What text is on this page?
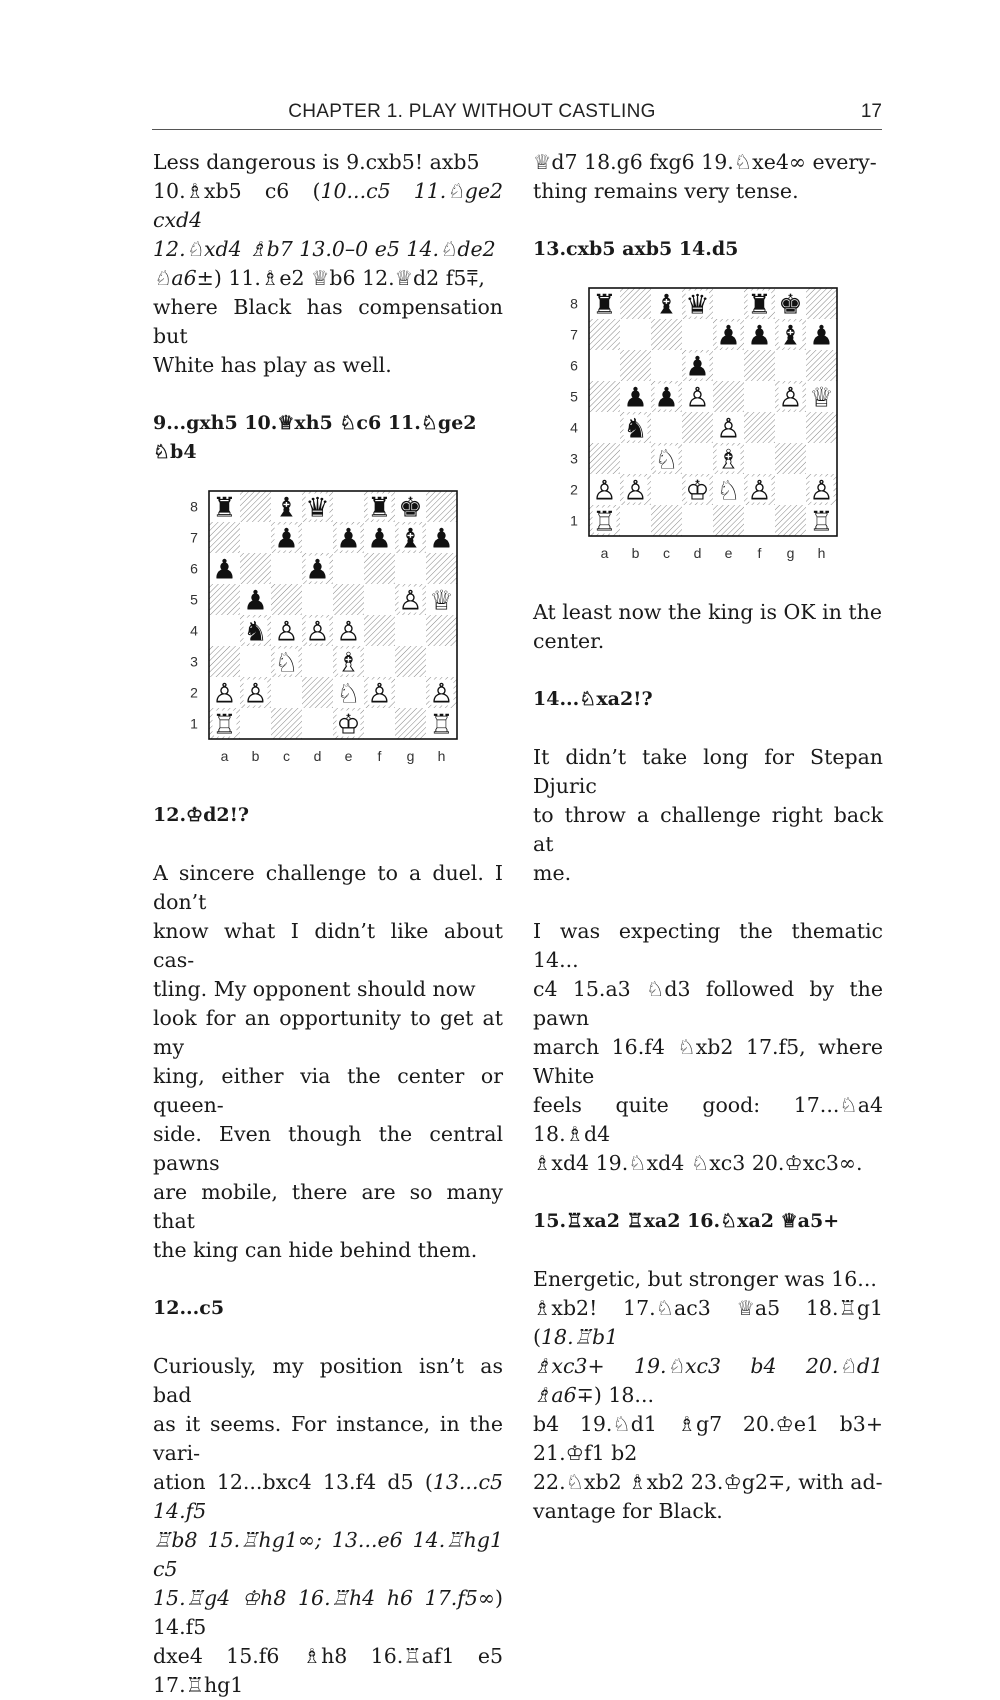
CHAPTER 1. PLAY WITHOUT CASTLING	17

Less dangerous is 9.cxb5! axb5
10.♗xb5 c6 (10...c5 11.♘ge2 cxd4
12.♘xd4 ♗b7 13.0–0 e5 14.♘de2
♘a6±) 11.♗e2 ♕b6 12.♕d2 f5⩱,
where Black has compensation but
White has play as well.

9...gxh5 10.♕xh5 ♘c6 11.♘ge2 ♘b4

8
7
6
5
4
3
2
1
a b c d e f g h
♜ ♝ ♛ ♜ ♚
♟ ♟ ♟ ♝ ♟
♟	♟
♟	♙ ♕
♞ ♙ ♙ ♙
♘ ♗
♙ ♙	♘ ♙ ♙
♖	♔	♖

12.♔d2!?

A sincere challenge to a duel. I don’t
know what I didn’t like about cas-
tling. My opponent should now
look for an opportunity to get at my
king, either via the center or queen-
side. Even though the central pawns
are mobile, there are so many that
the king can hide behind them.

12...c5

Curiously, my position isn’t as bad
as it seems. For instance, in the vari-
ation 12...bxc4 13.f4 d5 (13...c5 14.f5
♖b8 15.♖hg1∞; 13...e6 14.♖hg1 c5
15.♖g4 ♔h8 16.♖h4 h6 17.f5∞) 14.f5
dxe4 15.f6 ♗h8 16.♖af1 e5 17.♖hg1

♕d7 18.g6 fxg6 19.♘xe4∞ every-
thing remains very tense.

13.cxb5 axb5 14.d5

8
7
6
5
4
3
2
1
a b c d e f g h
♜ ♝ ♛ ♜ ♚
♟ ♟ ♝ ♟
♟
♟ ♟ ♙	♙ ♕
♞	♙
♘ ♗
♙ ♙ ♔ ♘ ♙ ♙
♖	♖

At least now the king is OK in the
center.

14...♘xa2!?

It didn’t take long for Stepan Djuric
to throw a challenge right back at
me.

I was expecting the thematic 14...
c4 15.a3 ♘d3 followed by the pawn
march 16.f4 ♘xb2 17.f5, where White
feels quite good: 17...♘a4 18.♗d4
♗xd4 19.♘xd4 ♘xc3 20.♔xc3∞.

15.♖xa2 ♖xa2 16.♘xa2 ♕a5+

Energetic, but stronger was 16...
♗xb2! 17.♘ac3 ♕a5 18.♖g1 (18.♖b1
♗xc3+ 19.♘xc3 b4 20.♘d1 ♗a6∓) 18...
b4 19.♘d1 ♗g7 20.♔e1 b3+ 21.♔f1 b2
22.♘xb2 ♗xb2 23.♔g2∓, with ad-
vantage for Black.
